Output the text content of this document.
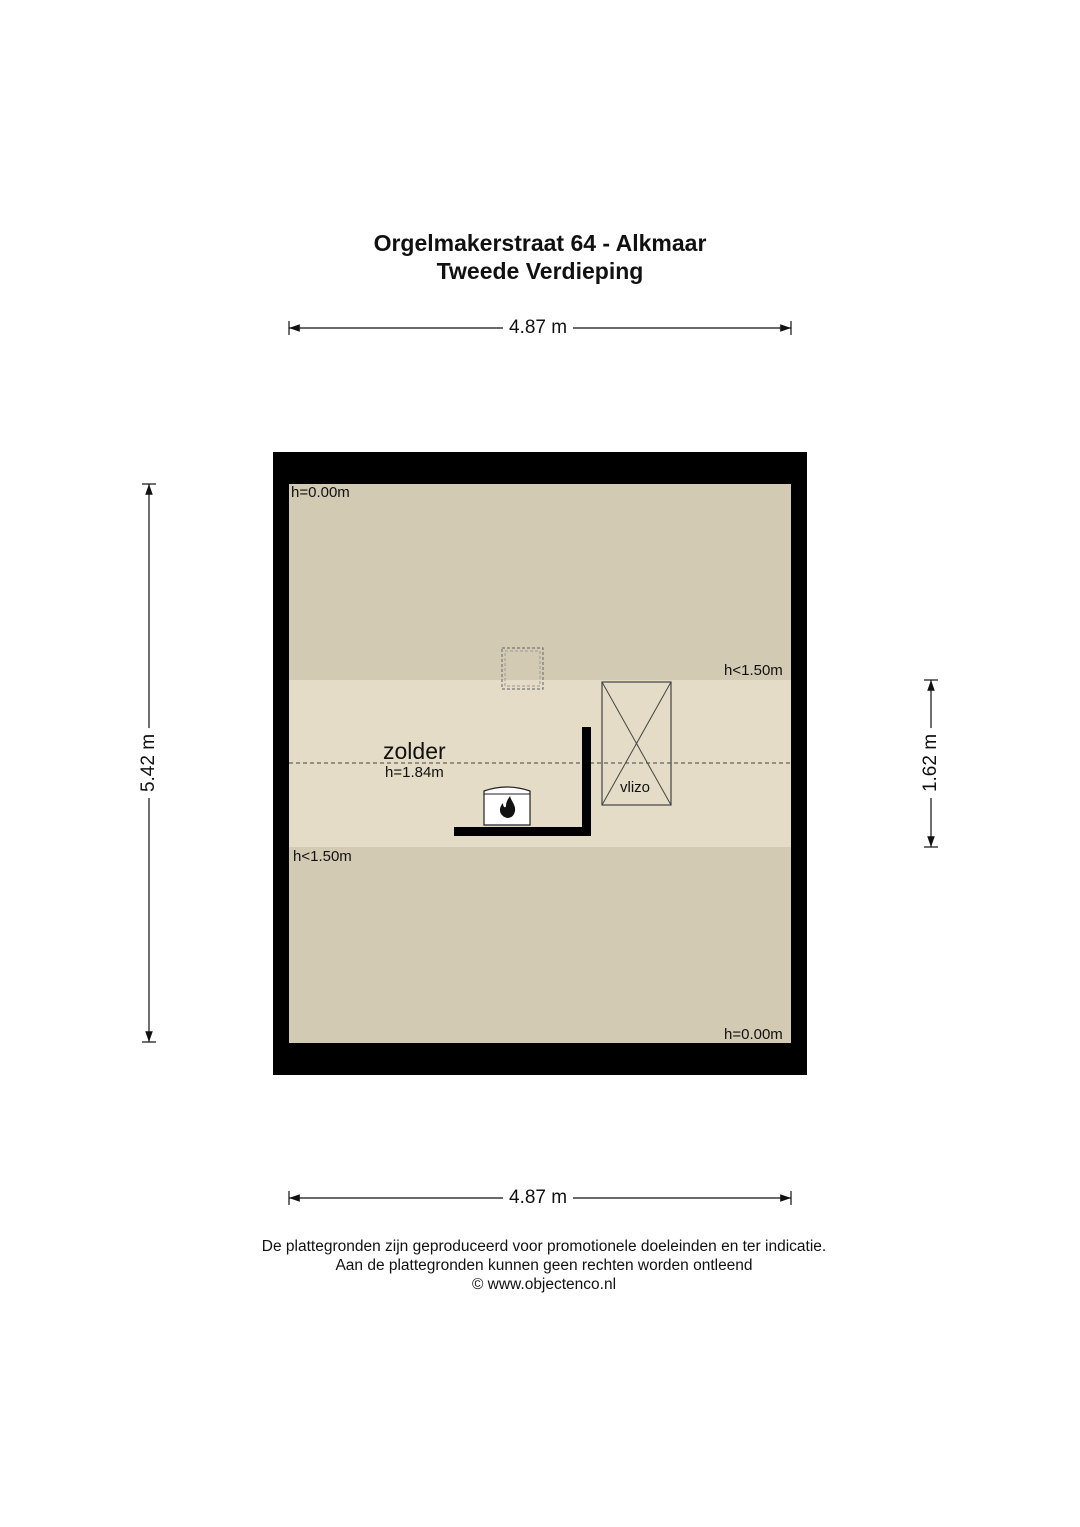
Orgelmakerstraat 64 - Alkmaar
Tweede Verdieping
4.87 m
4.87 m
5.42 m	1.62 m
h=0.00m
h<1.50m
h<1.50m
h=0.00m
zolder
h=1.84m
vlizo
De plattegronden zijn geproduceerd voor promotionele doeleinden en ter indicatie.
Aan de plattegronden kunnen geen rechten worden ontleend
© www.objectenco.nl
